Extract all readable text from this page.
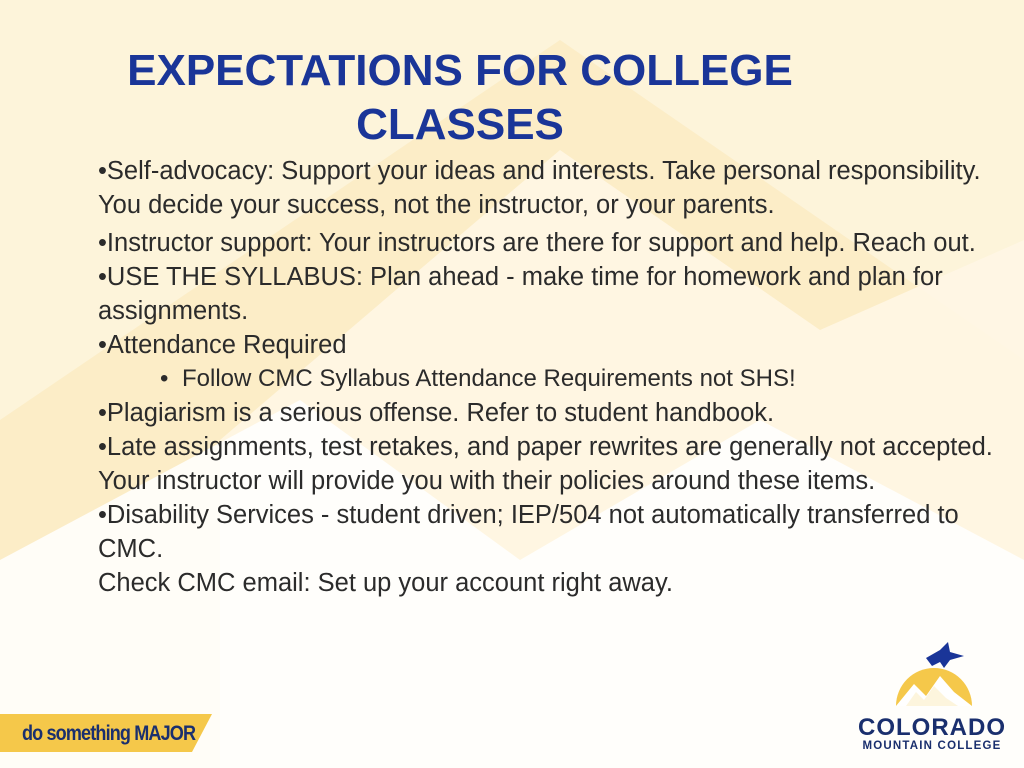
EXPECTATIONS FOR COLLEGE CLASSES

•Self-advocacy: Support your ideas and interests. Take personal responsibility. You decide your success, not the instructor, or your parents.

•Instructor support: Your instructors are there for support and help. Reach out.

•USE THE SYLLABUS: Plan ahead - make time for homework and plan for assignments.

•Attendance Required

• Follow CMC Syllabus Attendance Requirements not SHS!

•Plagiarism is a serious offense. Refer to student handbook.

•Late assignments, test retakes, and paper rewrites are generally not accepted. Your instructor will provide you with their policies around these items.

•Disability Services - student driven; IEP/504 not automatically transferred to CMC.

Check CMC email: Set up your account right away.

do something MAJOR	COLORADO
MOUNTAIN COLLEGE
